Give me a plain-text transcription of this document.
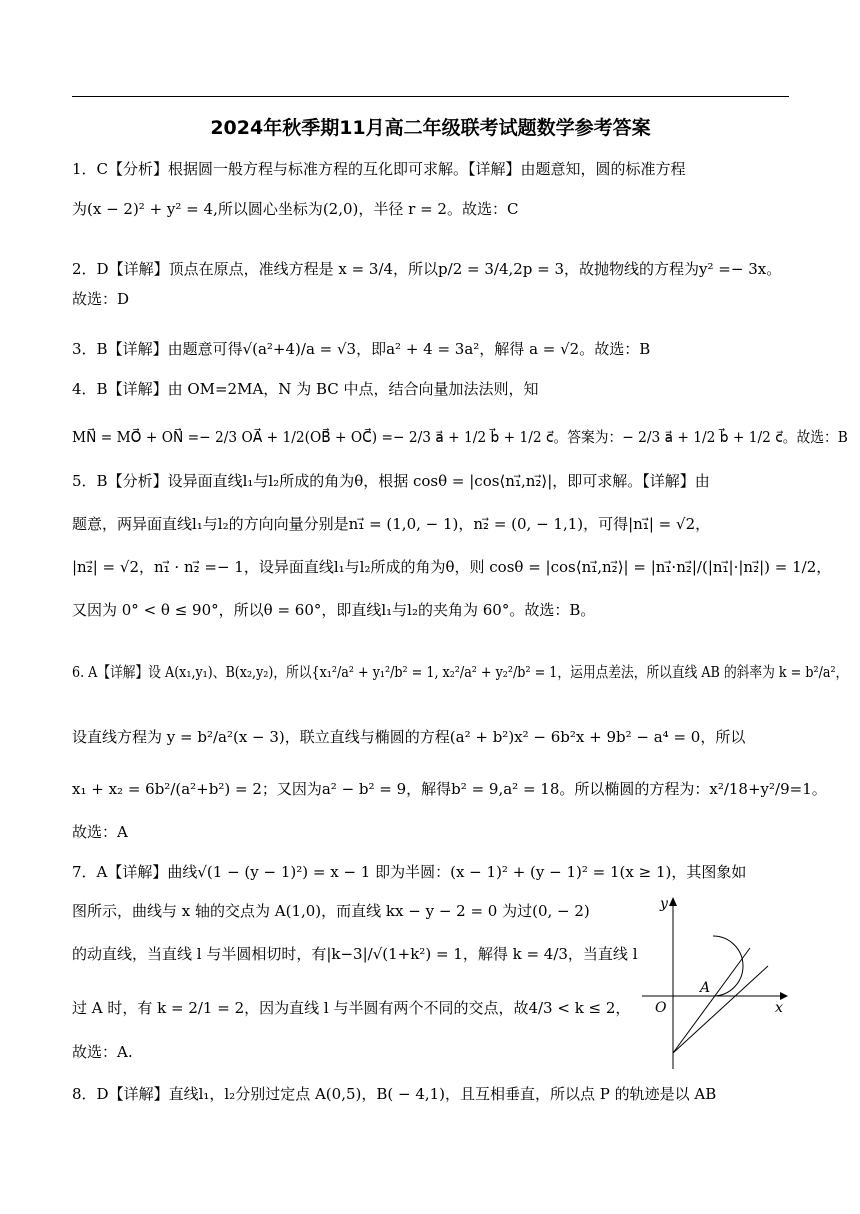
2024年秋季期11月高二年级联考试题数学参考答案
1．C【分析】根据圆一般方程与标准方程的互化即可求解。【详解】由题意知，圆的标准方程
为(x − 2)² + y² = 4,所以圆心坐标为(2,0)，半径 r = 2。故选：C
2．D【详解】顶点在原点，准线方程是 x = 3/4，所以p/2 = 3/4,2p = 3，故抛物线的方程为y² =− 3x。
故选：D
3．B【详解】由题意可得√(a²+4)/a = √3，即a² + 4 = 3a²，解得 a = √2。故选：B
4．B【详解】由 OM=2MA，N 为 BC 中点，结合向量加法法则，知
MN⃗ = MO⃗ + ON⃗ =− 2/3 OA⃗ + 1/2(OB⃗ + OC⃗) =− 2/3 a⃗ + 1/2 b⃗ + 1/2 c⃗。答案为：− 2/3 a⃗ + 1/2 b⃗ + 1/2 c⃗。故选：B
5．B【分析】设异面直线l₁与l₂所成的角为θ，根据 cosθ = |cos⟨n₁⃗,n₂⃗⟩|，即可求解。【详解】由
题意，两异面直线l₁与l₂的方向向量分别是n₁⃗ = (1,0, − 1)，n₂⃗ = (0, − 1,1)，可得|n₁⃗| = √2，
|n₂⃗| = √2，n₁⃗ · n₂⃗ =− 1，设异面直线l₁与l₂所成的角为θ，则 cosθ = |cos⟨n₁⃗,n₂⃗⟩| = |n₁⃗·n₂⃗|/(|n₁⃗|·|n₂⃗|) = 1/2，
又因为 0° < θ ≤ 90°，所以θ = 60°，即直线l₁与l₂的夹角为 60°。故选：B。
6. A【详解】设 A(x₁,y₁)、B(x₂,y₂)，所以{x₁²/a² + y₁²/b² = 1, x₂²/a² + y₂²/b² = 1，运用点差法，所以直线 AB 的斜率为 k = b²/a²，
设直线方程为 y = b²/a²(x − 3)，联立直线与椭圆的方程(a² + b²)x² − 6b²x + 9b² − a⁴ = 0，所以
x₁ + x₂ = 6b²/(a²+b²) = 2；又因为a² − b² = 9，解得b² = 9,a² = 18。所以椭圆的方程为：x²/18+y²/9=1。
故选：A
7．A【详解】曲线√(1 − (y − 1)²) = x − 1 即为半圆：(x − 1)² + (y − 1)² = 1(x ≥ 1)，其图象如
图所示，曲线与 x 轴的交点为 A(1,0)，而直线 kx − y − 2 = 0 为过(0, − 2)
的动直线，当直线 l 与半圆相切时，有|k−3|/√(1+k²) = 1，解得 k = 4/3，当直线 l
过 A 时，有 k = 2/1 = 2，因为直线 l 与半圆有两个不同的交点，故4/3 < k ≤ 2，
故选：A.
8．D【详解】直线l₁，l₂分别过定点 A(0,5)，B( − 4,1)，且互相垂直，所以点 P 的轨迹是以 AB
x
y
O
A
